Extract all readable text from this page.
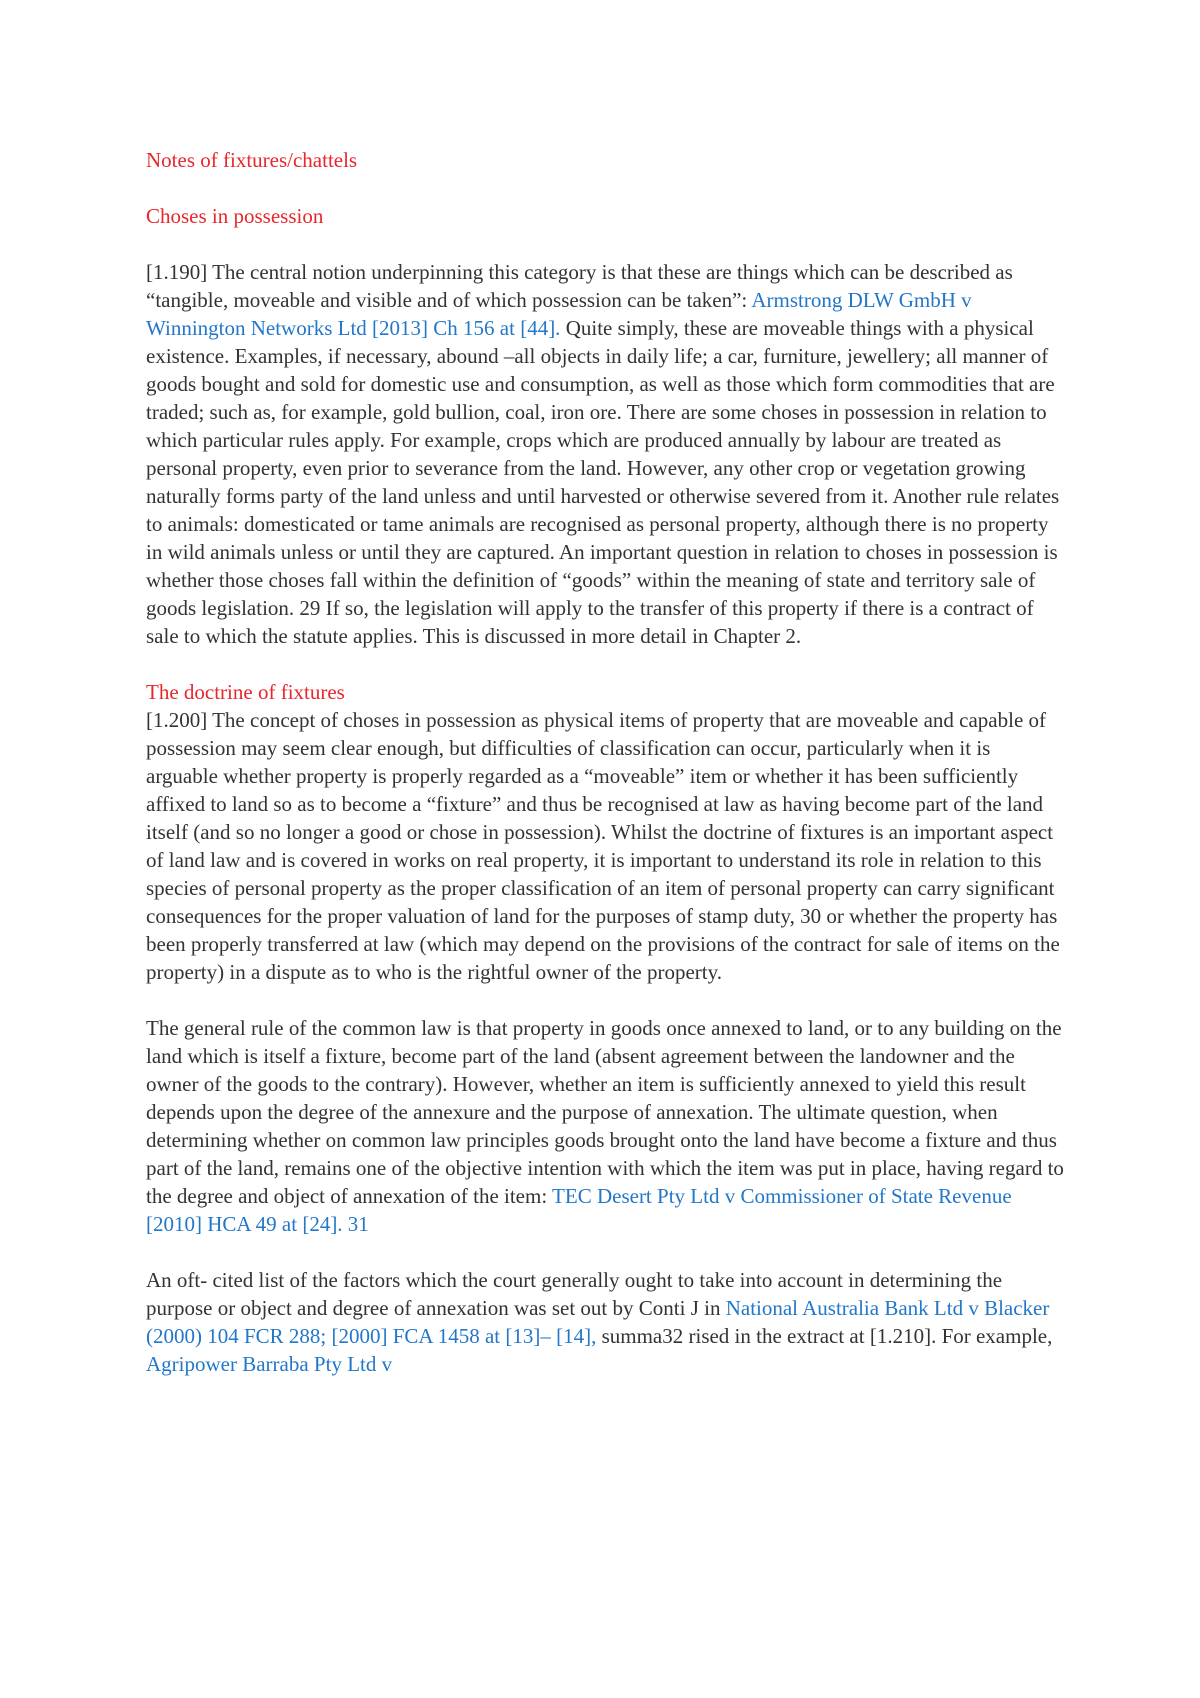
Notes of fixtures/chattels
Choses in possession

[1.190] The central notion underpinning this category is that these are things which can be described as “tangible, moveable and visible and of which possession can be taken”: Armstrong DLW GmbH v Winnington Networks Ltd [2013] Ch 156 at [44]. Quite simply, these are moveable things with a physical existence. Examples, if necessary, abound –all objects in daily life; a car, furniture, jewellery; all manner of goods bought and sold for domestic use and consumption, as well as those which form commodities that are traded; such as, for example, gold bullion, coal, iron ore. There are some choses in possession in relation to which particular rules apply. For example, crops which are produced annually by labour are treated as personal property, even prior to severance from the land. However, any other crop or vegetation growing naturally forms party of the land unless and until harvested or otherwise severed from it. Another rule relates to animals: domesticated or tame animals are recognised as personal property, although there is no property in wild animals unless or until they are captured. An important question in relation to choses in possession is whether those choses fall within the definition of “goods” within the meaning of state and territory sale of goods legislation. 29 If so, the legislation will apply to the transfer of this property if there is a contract of sale to which the statute applies. This is discussed in more detail in Chapter 2.

The doctrine of fixtures

[1.200] The concept of choses in possession as physical items of property that are moveable and capable of possession may seem clear enough, but difficulties of classification can occur, particularly when it is arguable whether property is properly regarded as a “moveable” item or whether it has been sufficiently affixed to land so as to become a “fixture” and thus be recognised at law as having become part of the land itself (and so no longer a good or chose in possession). Whilst the doctrine of fixtures is an important aspect of land law and is covered in works on real property, it is important to understand its role in relation to this species of personal property as the proper classification of an item of personal property can carry significant consequences for the proper valuation of land for the purposes of stamp duty, 30 or whether the property has been properly transferred at law (which may depend on the provisions of the contract for sale of items on the property) in a dispute as to who is the rightful owner of the property.

The general rule of the common law is that property in goods once annexed to land, or to any building on the land which is itself a fixture, become part of the land (absent agreement between the landowner and the owner of the goods to the contrary). However, whether an item is sufficiently annexed to yield this result depends upon the degree of the annexure and the purpose of annexation. The ultimate question, when determining whether on common law principles goods brought onto the land have become a fixture and thus part of the land, remains one of the objective intention with which the item was put in place, having regard to the degree and object of annexation of the item: TEC Desert Pty Ltd v Commissioner of State Revenue [2010] HCA 49 at [24]. 31

An oft- cited list of the factors which the court generally ought to take into account in determining the purpose or object and degree of annexation was set out by Conti J in National Australia Bank Ltd v Blacker (2000) 104 FCR 288; [2000] FCA 1458 at [13]– [14], summa32 rised in the extract at [1.210]. For example, Agripower Barraba Pty Ltd v
